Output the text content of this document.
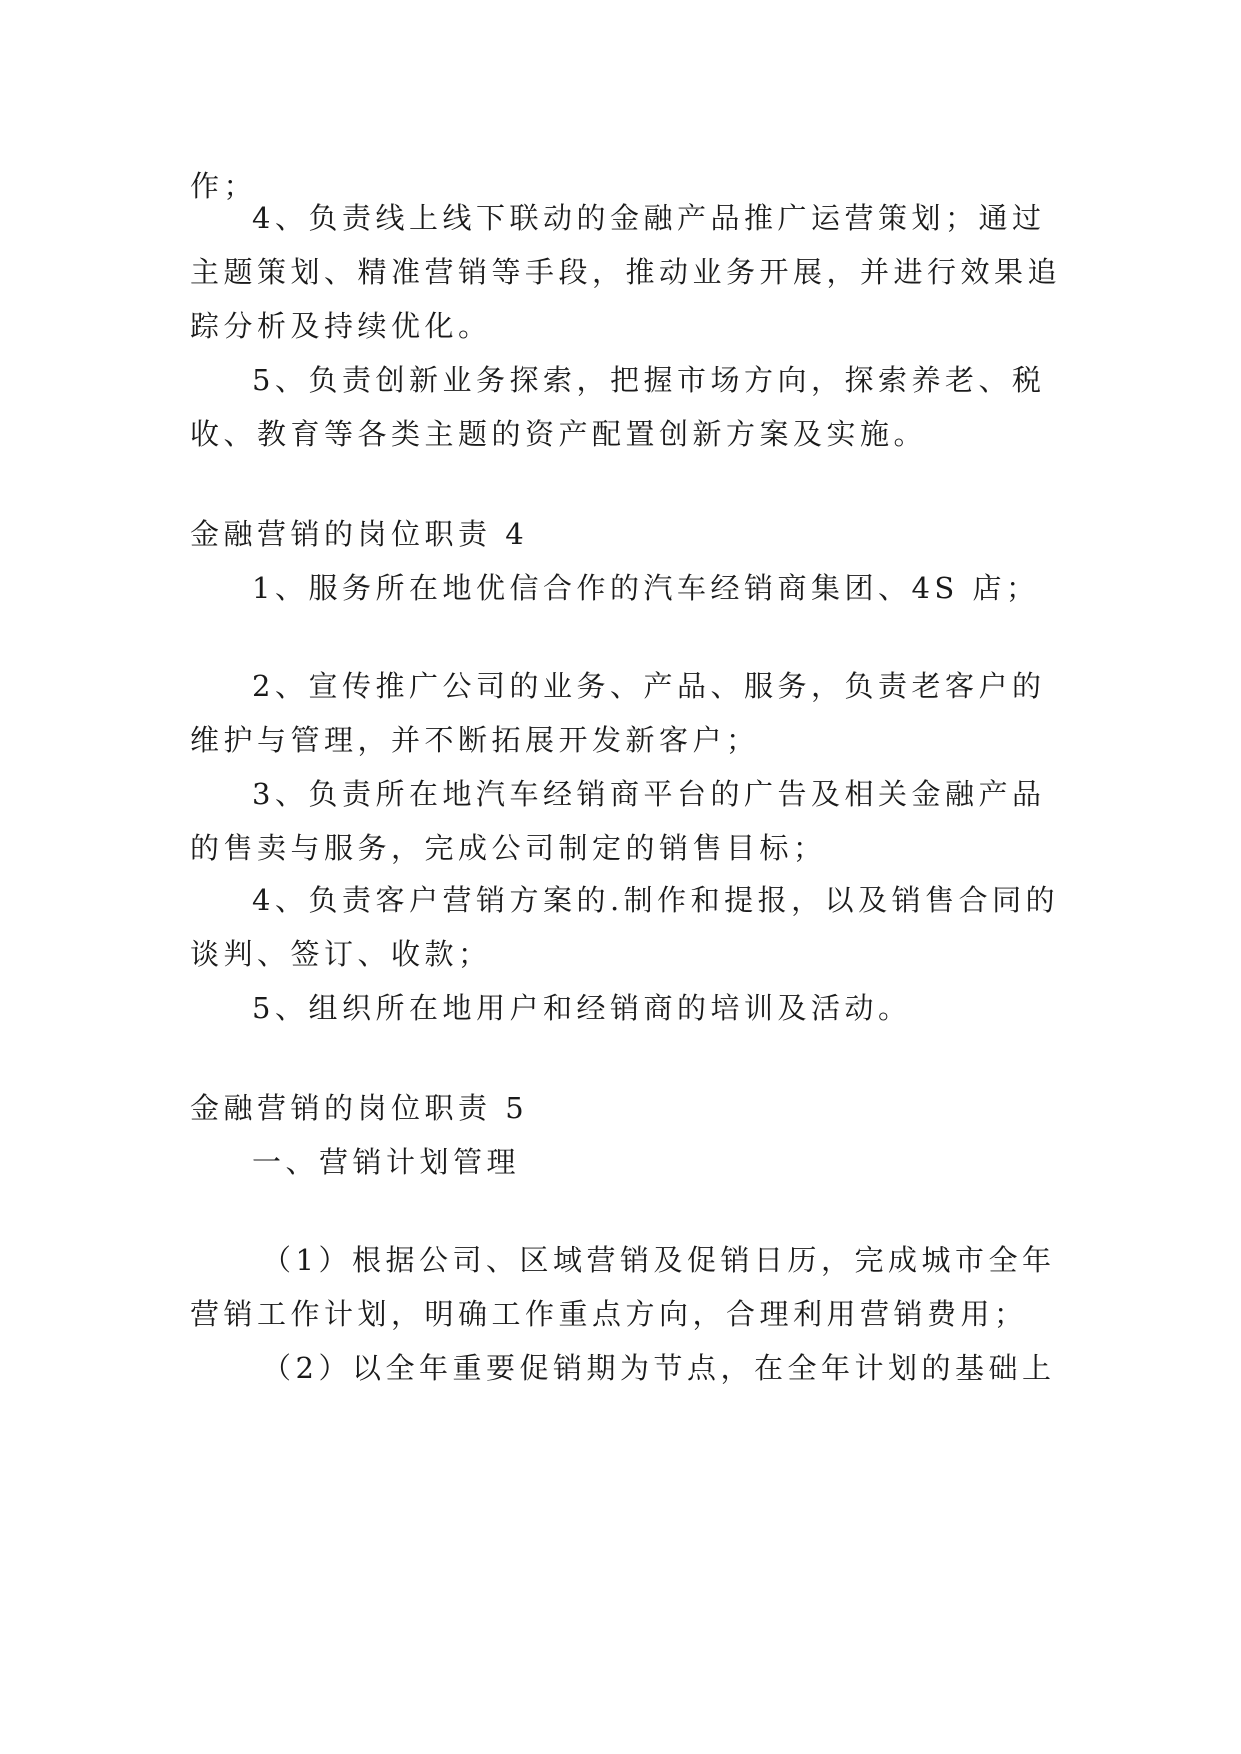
作；
4、负责线上线下联动的金融产品推广运营策划；通过
主题策划、精准营销等手段，推动业务开展，并进行效果追
踪分析及持续优化。
5、负责创新业务探索，把握市场方向，探索养老、税
收、教育等各类主题的资产配置创新方案及实施。
金融营销的岗位职责 4
1、服务所在地优信合作的汽车经销商集团、4S 店；
2、宣传推广公司的业务、产品、服务，负责老客户的
维护与管理，并不断拓展开发新客户；
3、负责所在地汽车经销商平台的广告及相关金融产品
的售卖与服务，完成公司制定的销售目标；
4、负责客户营销方案的.制作和提报，以及销售合同的
谈判、签订、收款；
5、组织所在地用户和经销商的培训及活动。
金融营销的岗位职责 5
一、营销计划管理
（1）根据公司、区域营销及促销日历，完成城市全年
营销工作计划，明确工作重点方向，合理利用营销费用；
（2）以全年重要促销期为节点，在全年计划的基础上
